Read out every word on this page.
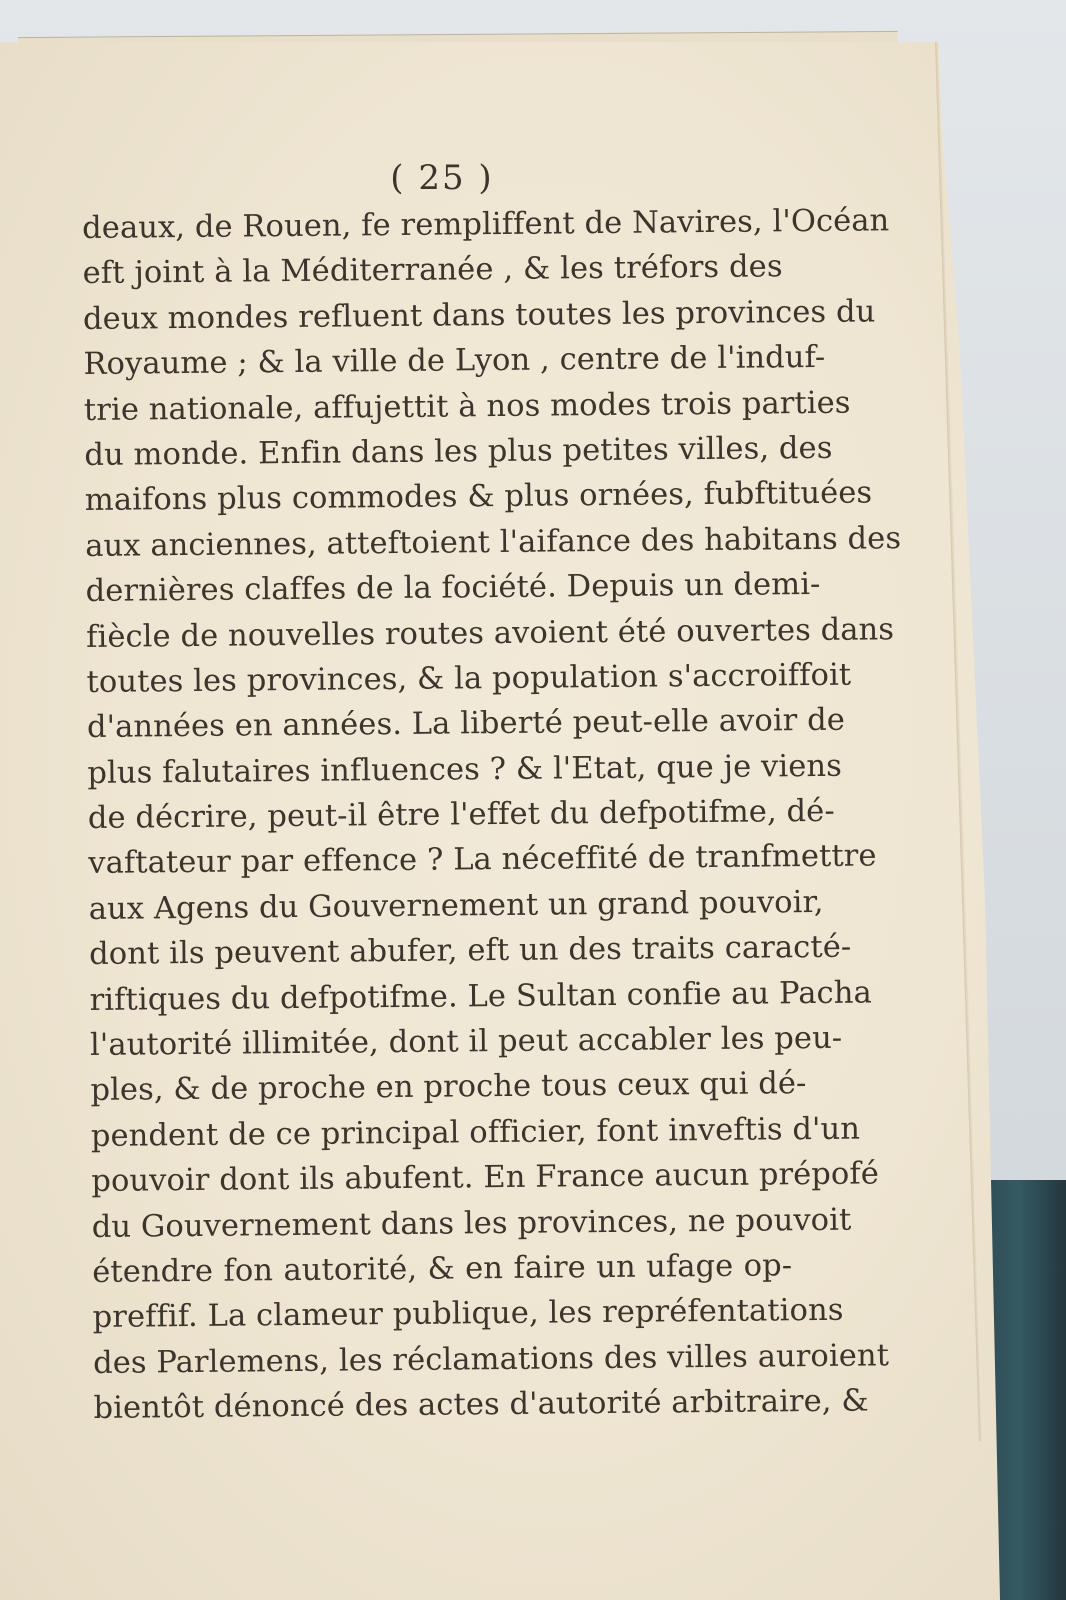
( 25 )
deaux, de Rouen, fe rempliffent de Navires, l'Océan
eft joint à la Méditerranée , & les tréfors des
deux mondes refluent dans toutes les provinces du
Royaume ; & la ville de Lyon , centre de l'induf-
trie nationale, affujettit à nos modes trois parties
du monde. Enfin dans les plus petites villes, des
maifons plus commodes & plus ornées, fubftituées
aux anciennes, atteftoient l'aifance des habitans des
dernières claffes de la fociété. Depuis un demi-
fiècle de nouvelles routes avoient été ouvertes dans
toutes les provinces, & la population s'accroiffoit
d'années en années. La liberté peut-elle avoir de
plus falutaires influences ? & l'Etat, que je viens
de décrire, peut-il être l'effet du defpotifme, dé-
vaftateur par effence ? La néceffité de tranfmettre
aux Agens du Gouvernement un grand pouvoir,
dont ils peuvent abufer, eft un des traits caracté-
riftiques du defpotifme. Le Sultan confie au Pacha
l'autorité illimitée, dont il peut accabler les peu-
ples, & de proche en proche tous ceux qui dé-
pendent de ce principal officier, font inveftis d'un
pouvoir dont ils abufent. En France aucun prépofé
du Gouvernement dans les provinces, ne pouvoit
étendre fon autorité, & en faire un ufage op-
preffif. La clameur publique, les repréfentations
des Parlemens, les réclamations des villes auroient
bientôt dénoncé des actes d'autorité arbitraire, &
